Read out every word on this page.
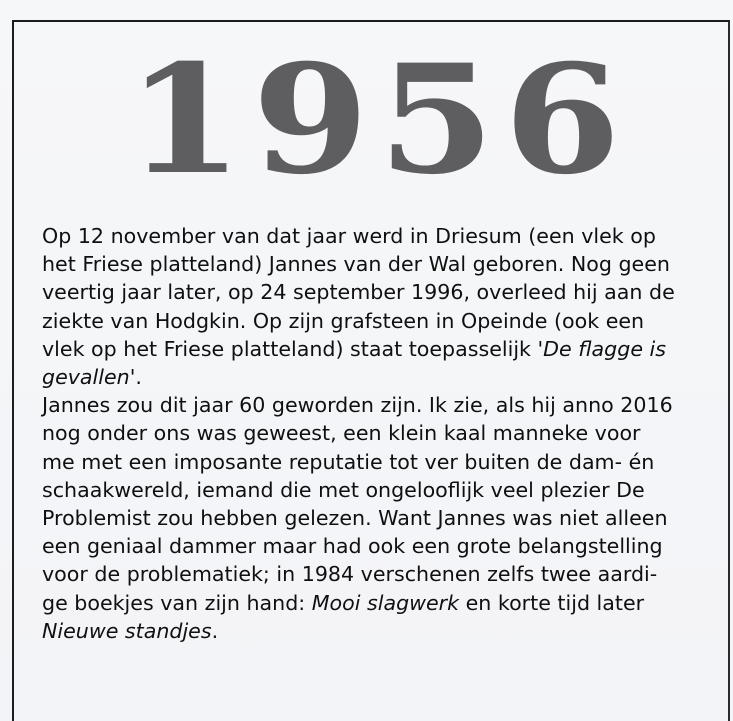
1956

Op 12 november van dat jaar werd in Driesum (een vlek op
het Friese platteland) Jannes van der Wal geboren. Nog geen
veertig jaar later, op 24 september 1996, overleed hij aan de
ziekte van Hodgkin. Op zijn grafsteen in Opeinde (ook een
vlek op het Friese platteland) staat toepasselijk 'De flagge is
gevallen'.

Jannes zou dit jaar 60 geworden zijn. Ik zie, als hij anno 2016
nog onder ons was geweest, een klein kaal manneke voor
me met een imposante reputatie tot ver buiten de dam- én
schaakwereld, iemand die met ongelooflijk veel plezier De
Problemist zou hebben gelezen. Want Jannes was niet alleen
een geniaal dammer maar had ook een grote belangstelling
voor de problematiek; in 1984 verschenen zelfs twee aardi-
ge boekjes van zijn hand: Mooi slagwerk en korte tijd later
Nieuwe standjes.
